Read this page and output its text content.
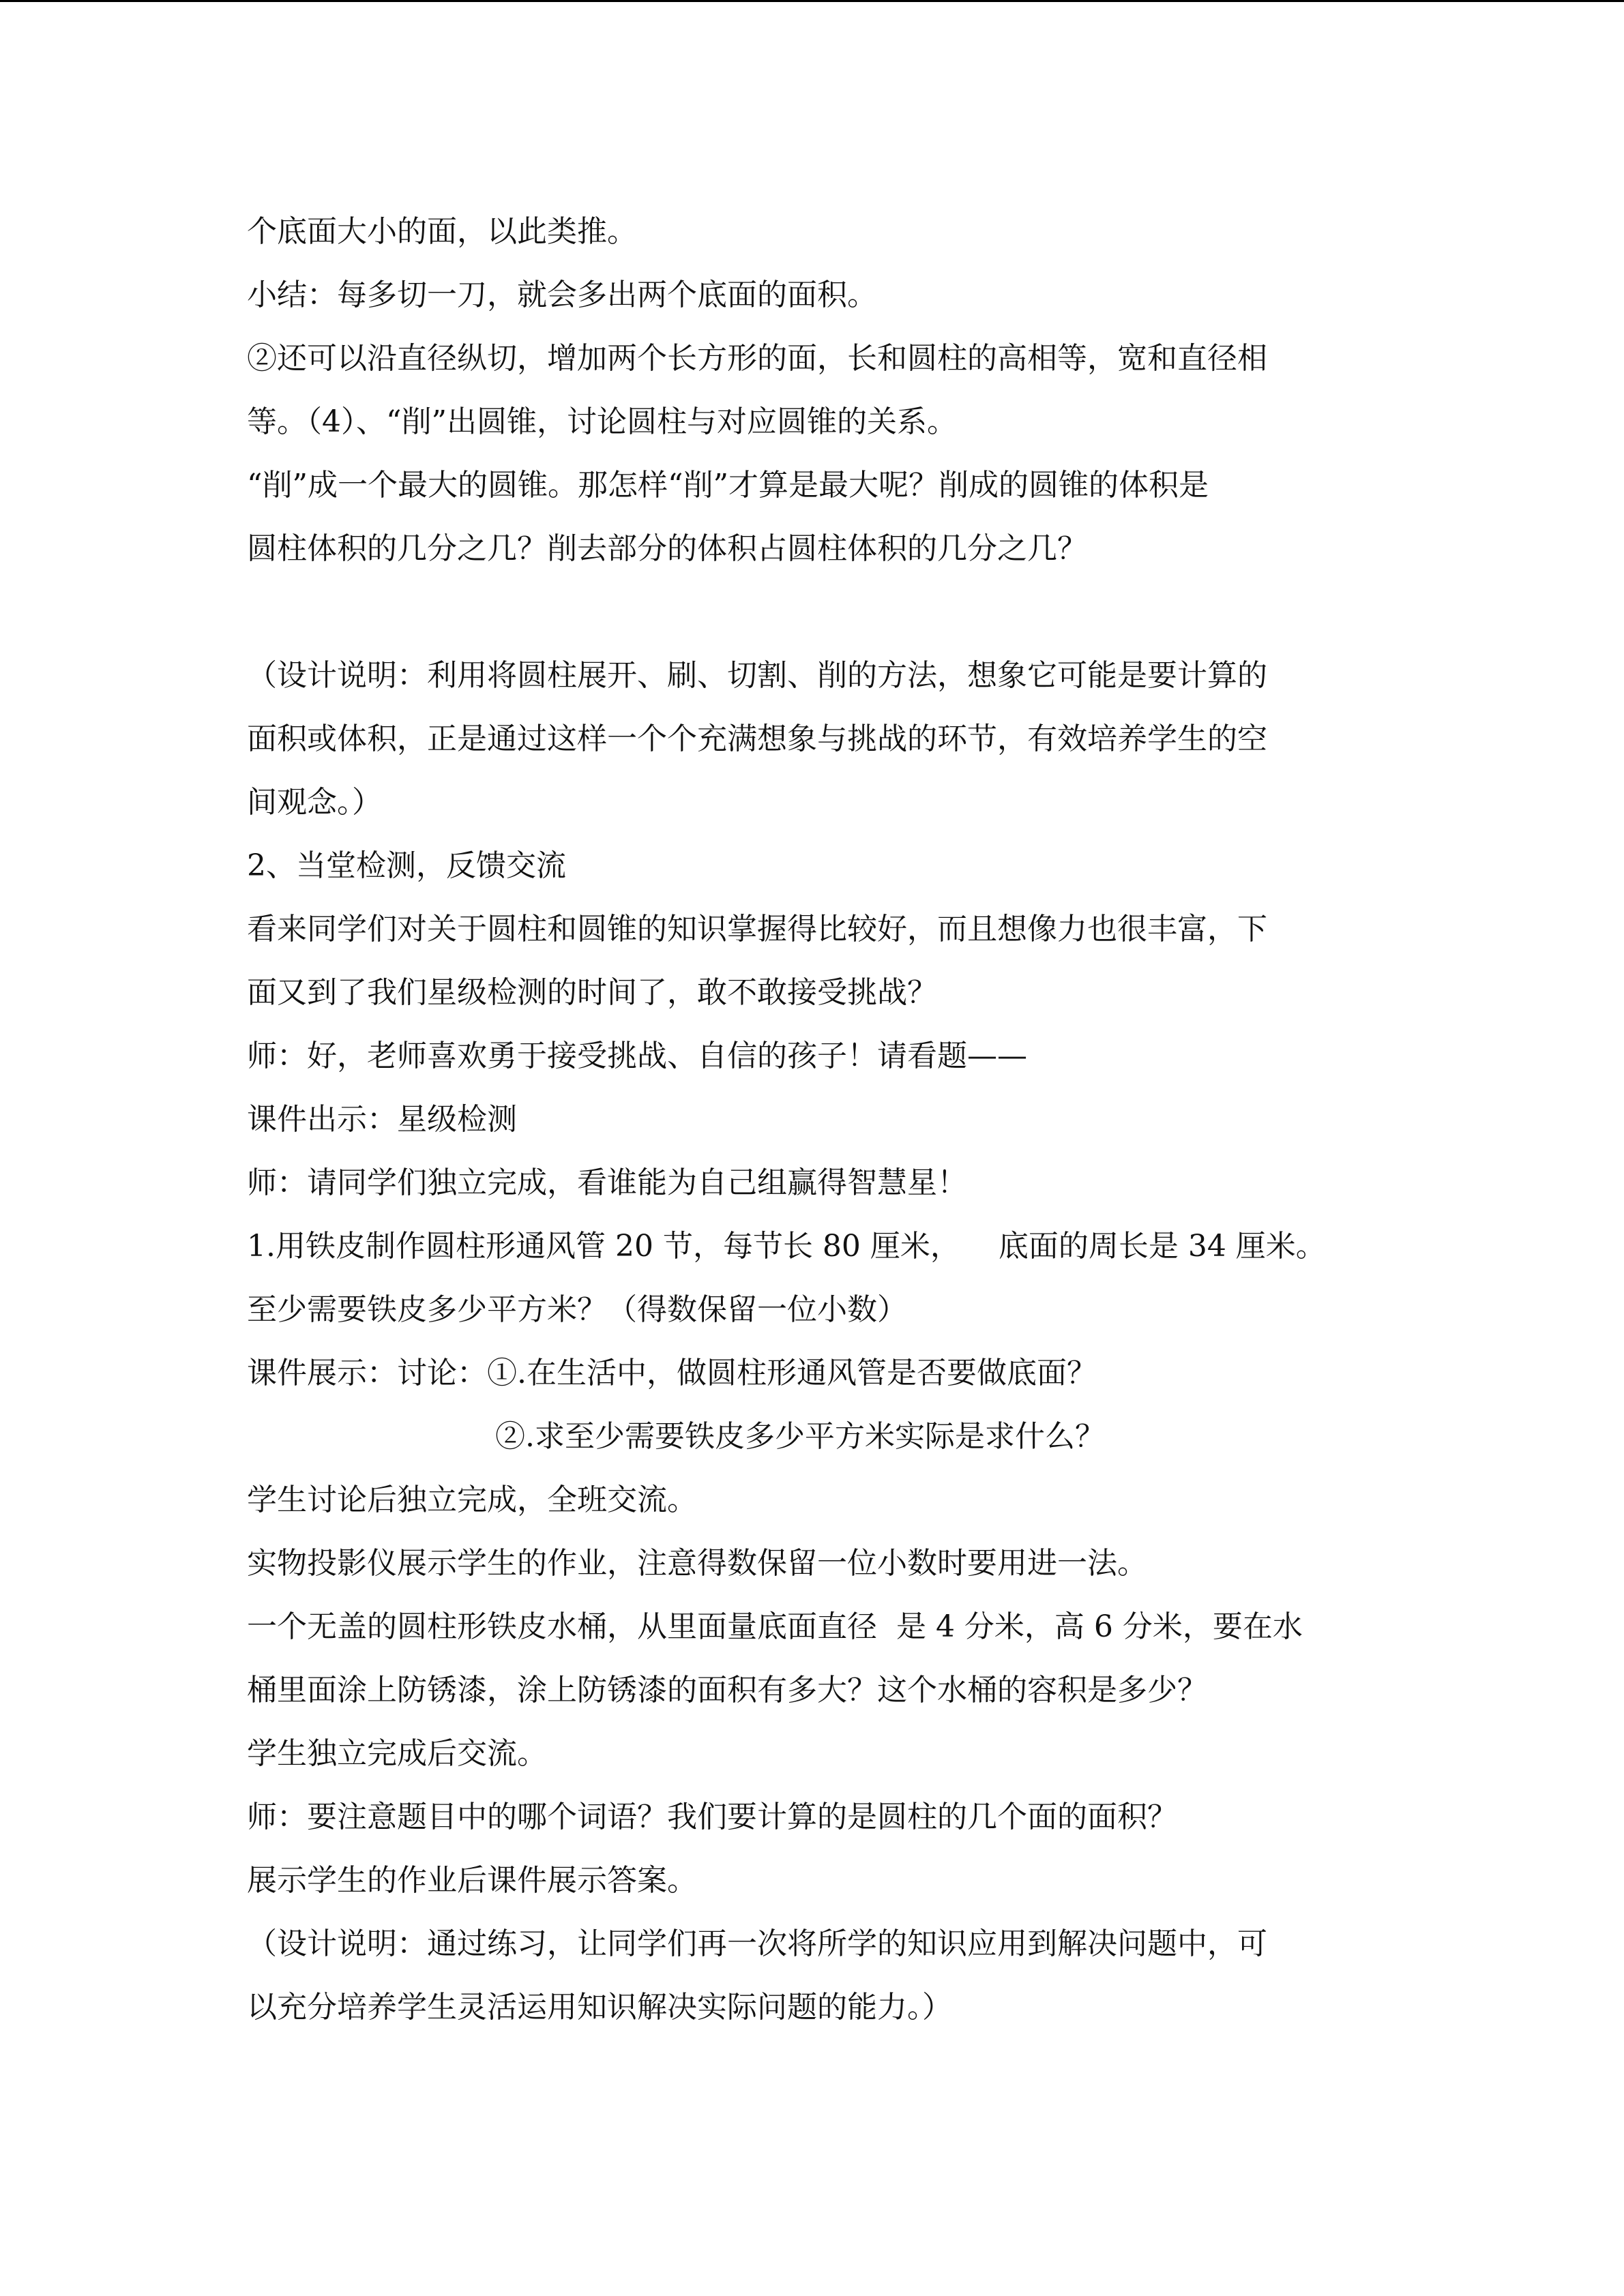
个底面大小的面，以此类推。
小结：每多切一刀，就会多出两个底面的面积。
②还可以沿直径纵切，增加两个长方形的面，长和圆柱的高相等，宽和直径相
等。（4）、“削”出圆锥，讨论圆柱与对应圆锥的关系。
“削”成一个最大的圆锥。那怎样“削”才算是最大呢？削成的圆锥的体积是
圆柱体积的几分之几？削去部分的体积占圆柱体积的几分之几？
（设计说明：利用将圆柱展开、刷、切割、削的方法，想象它可能是要计算的
面积或体积，正是通过这样一个个充满想象与挑战的环节，有效培养学生的空
间观念。）
2、当堂检测，反馈交流
看来同学们对关于圆柱和圆锥的知识掌握得比较好，而且想像力也很丰富，下
面又到了我们星级检测的时间了，敢不敢接受挑战？
师：好，老师喜欢勇于接受挑战、自信的孩子！请看题——
课件出示：星级检测
师：请同学们独立完成，看谁能为自己组赢得智慧星！
1.用铁皮制作圆柱形通风管 20 节，每节长 80 厘米，    底面的周长是 34 厘米。
至少需要铁皮多少平方米？（得数保留一位小数）
课件展示：讨论：①.在生活中，做圆柱形通风管是否要做底面？
②.求至少需要铁皮多少平方米实际是求什么？
学生讨论后独立完成，全班交流。
实物投影仪展示学生的作业，注意得数保留一位小数时要用进一法。
一个无盖的圆柱形铁皮水桶，从里面量底面直径  是 4 分米，高 6 分米，要在水
桶里面涂上防锈漆，涂上防锈漆的面积有多大？这个水桶的容积是多少？
学生独立完成后交流。
师：要注意题目中的哪个词语？我们要计算的是圆柱的几个面的面积？
展示学生的作业后课件展示答案。
（设计说明：通过练习，让同学们再一次将所学的知识应用到解决问题中，可
以充分培养学生灵活运用知识解决实际问题的能力。）
